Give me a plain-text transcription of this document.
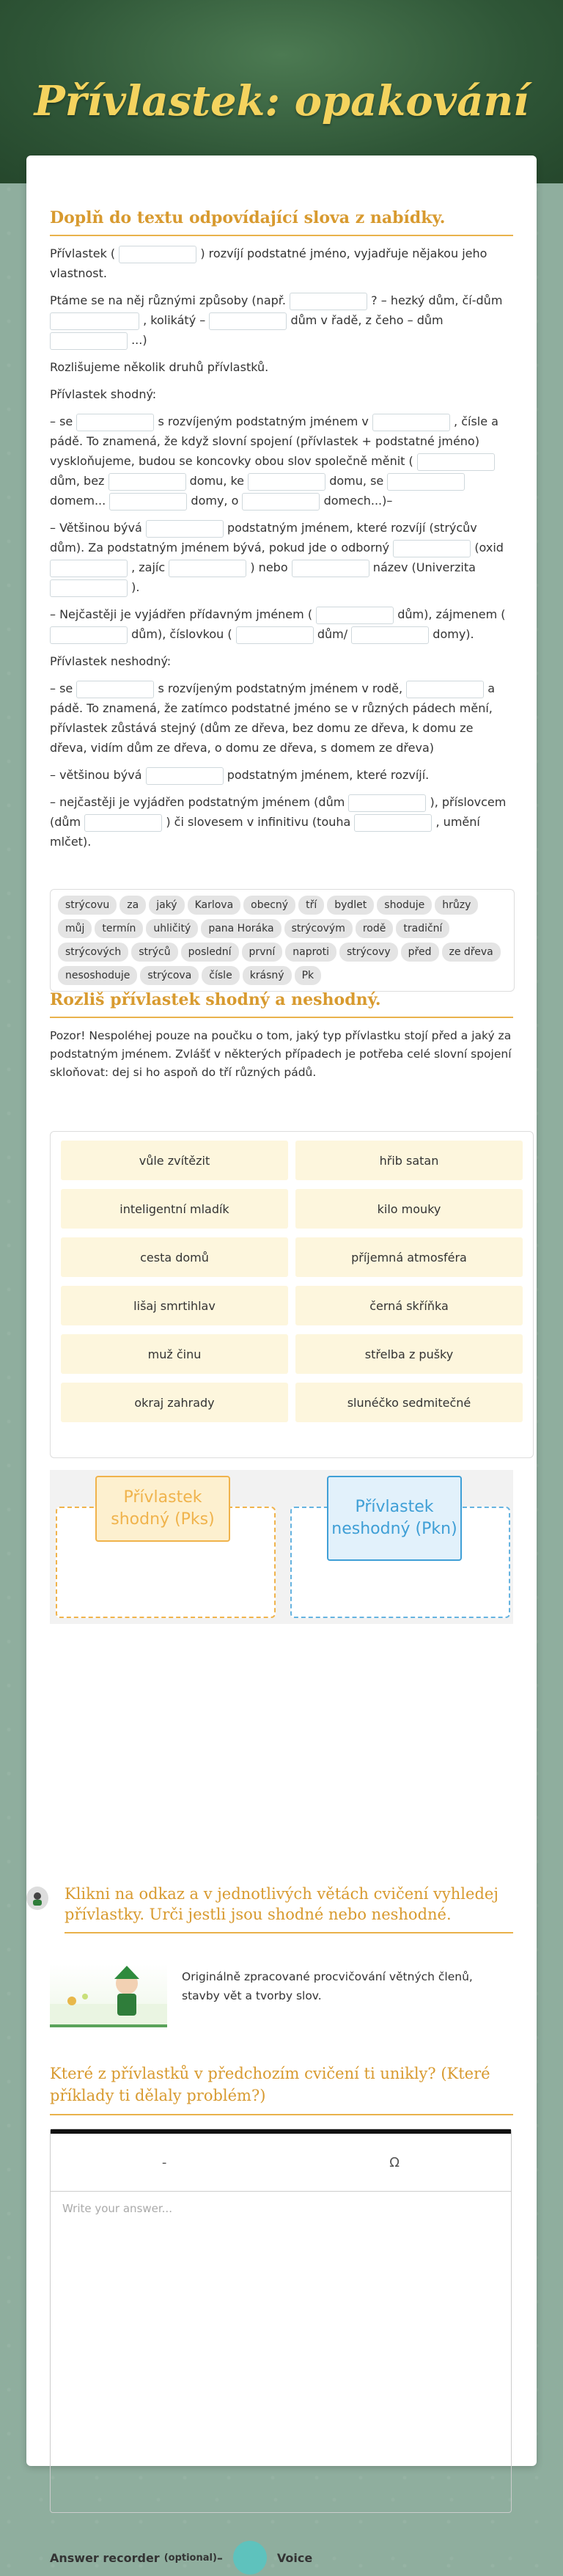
Přívlastek: opakování
Doplň do textu odpovídající slova z nabídky.

Přívlastek (	) rozvíjí podstatné jméno, vyjadřuje nějakou jeho vlastnost.

Ptáme se na něj různými způsoby (např.	? – hezký dům, čí-dům  , kolikátý –	dům v řadě, z čeho – dům  ...)

Rozlišujeme několik druhů přívlastků.

Přívlastek shodný:

– se	s rozvíjeným podstatným jménem v	, čísle a pádě. To znamená, že když slovní spojení (přívlastek + podstatné jméno) vyskloňujeme, budou se koncovky obou slov společně měnit (  dům, bez	domu, ke	domu, se  domem...	domy, o	domech...)–

– Většinou bývá	podstatným jménem, které rozvíjí (strýcův dům). Za podstatným jménem bývá, pokud jde o odborný	(oxid  , zajíc	) nebo	název (Univerzita  ).

– Nejčastěji je vyjádřen přídavným jménem (	dům), zájmenem (  dům), číslovkou (	dům/	domy).

Přívlastek neshodný:

– se	s rozvíjeným podstatným jménem v rodě,	a pádě. To znamená, že zatímco podstatné jméno se v různých pádech mění, přívlastek zůstává stejný (dům ze dřeva, bez domu ze dřeva, k domu ze dřeva, vidím dům ze dřeva, o domu ze dřeva, s domem ze dřeva)

– většinou bývá	podstatným jménem, které rozvíjí.

– nejčastěji je vyjádřen podstatným jménem (dům	), příslovcem (dům	) či slovesem v infinitivu (touha	, umění mlčet).

strýcovu	za	jaký	Karlova	obecný	tří	bydlet	shoduje	hrůzy
můj	termín	uhličitý	pana Horáka	strýcovým	rodě	tradiční
strýcových	strýců	poslední	první	naproti	strýcovy	před	ze dřeva
nesoshoduje	strýcova	čísle	krásný	Pk
Rozliš přívlastek shodný a neshodný.
Pozor! Nespoléhej pouze na poučku o tom, jaký typ přívlastku stojí před a jaký za podstatným jménem. Zvlášť v některých případech je potřeba celé slovní spojení skloňovat: dej si ho aspoň do tří různých pádů.
vůle zvítězit	hřib satan
inteligentní mladík	kilo mouky
cesta domů	příjemná atmosféra
lišaj smrtihlav	černá skříňka
muž činu	střelba z pušky
okraj zahrady	slunéčko sedmitečné
Přívlastek shodný (Pks)
Přívlastek neshodný (Pkn)
Klikni na odkaz a v jednotlivých větách cvičení vyhledej přívlastky. Urči jestli jsou shodné nebo neshodné.
Originálně zpracované procvičování větných členů, stavby vět a tvorby slov.
Které z přívlastků v předchozím cvičení ti unikly? (Které příklady ti dělaly problém?)
-	Ω
Write your answer...
Answer recorder (optional) –	Voice
